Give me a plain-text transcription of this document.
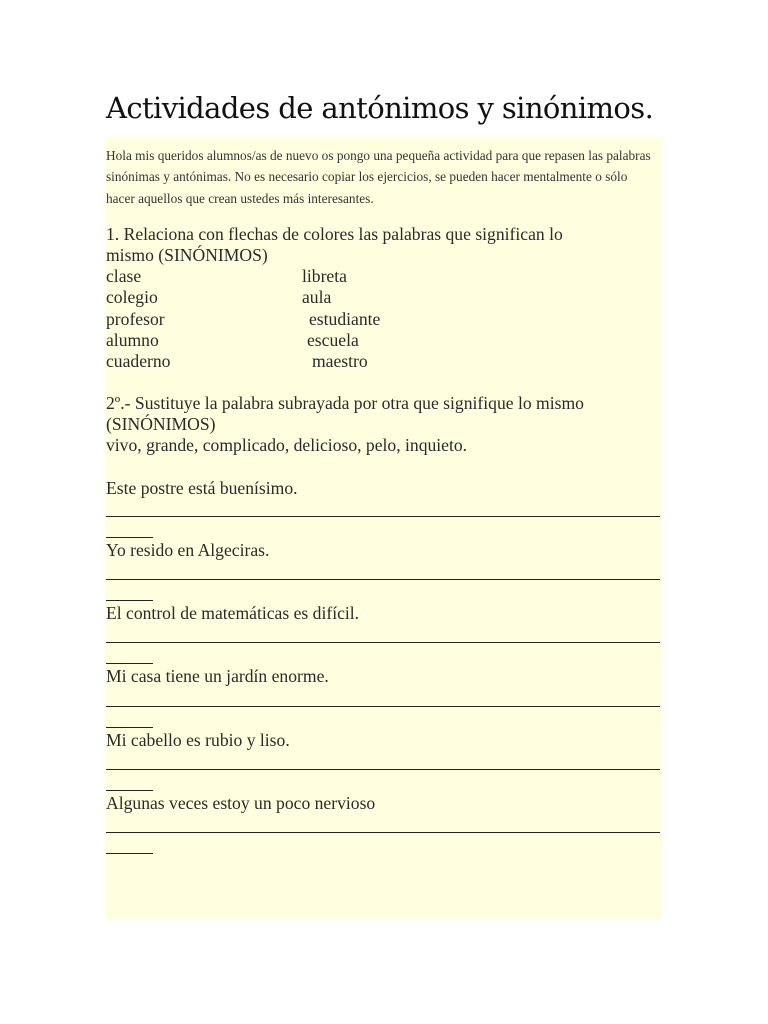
Actividades de antónimos y sinónimos.

Hola mis queridos alumnos/as de nuevo os pongo una pequeña actividad para que repasen las palabras sinónimas y antónimas. No es necesario copiar los ejercicios, se pueden hacer mentalmente o sólo hacer aquellos que crean ustedes más interesantes.

1. Relaciona con flechas de colores las palabras que significan lo

mismo (SINÓNIMOS)

clase

colegio

profesor

alumno

cuaderno

libreta

aula

estudiante

escuela

maestro

2º.- Sustituye la palabra subrayada por otra que signifique lo mismo

(SINÓNIMOS)

vivo, grande, complicado, delicioso, pelo, inquieto.

Este postre está buenísimo.

Yo resido en Algeciras.

El control de matemáticas es difícil.

Mi casa tiene un jardín enorme.

Mi cabello es rubio y liso.

Algunas veces estoy un poco nervioso
